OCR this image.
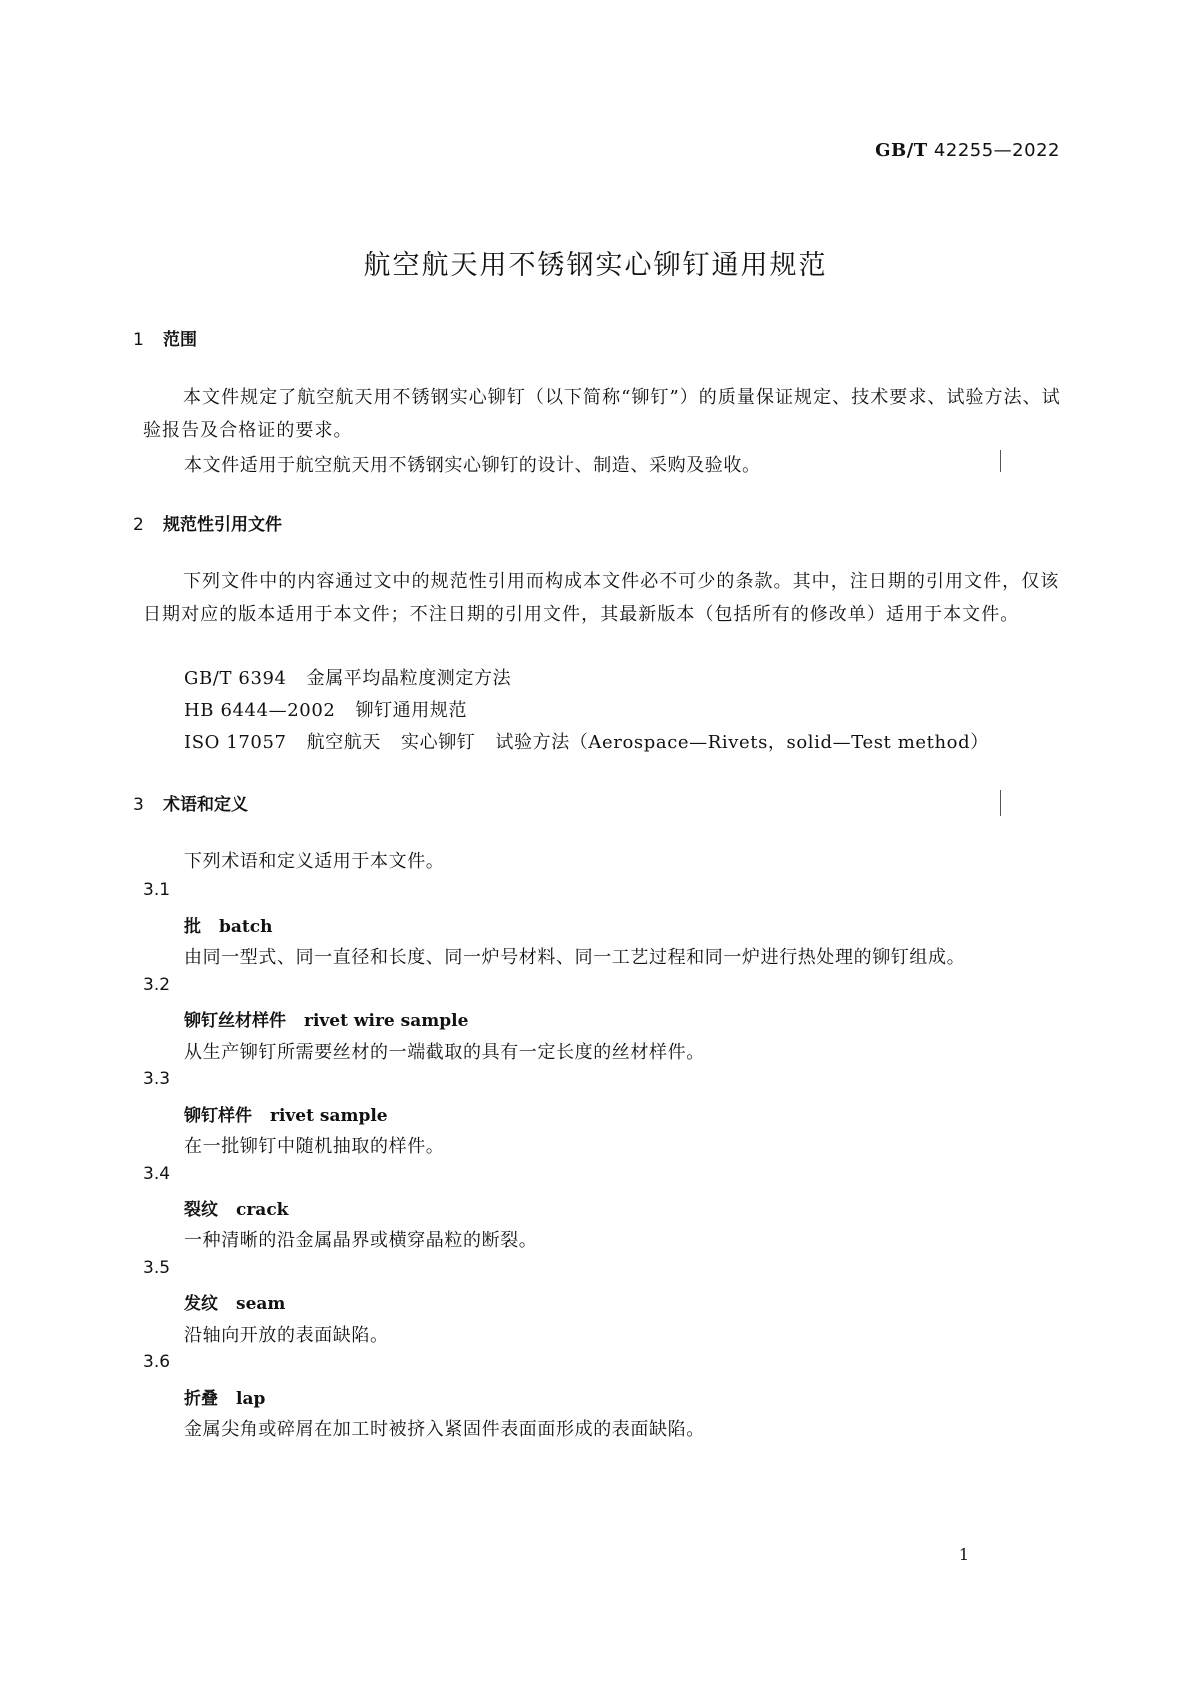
GB/T 42255—2022
航空航天用不锈钢实心铆钉通用规范
1 范围
本文件规定了航空航天用不锈钢实心铆钉（以下简称“铆钉”）的质量保证规定、技术要求、试验方法、试验报告及合格证的要求。
本文件适用于航空航天用不锈钢实心铆钉的设计、制造、采购及验收。
2 规范性引用文件
下列文件中的内容通过文中的规范性引用而构成本文件必不可少的条款。其中，注日期的引用文件，仅该日期对应的版本适用于本文件；不注日期的引用文件，其最新版本（包括所有的修改单）适用于本文件。
GB/T 6394 金属平均晶粒度测定方法
HB 6444—2002 铆钉通用规范
ISO 17057 航空航天 实心铆钉 试验方法（Aerospace—Rivets，solid—Test method）
3 术语和定义
下列术语和定义适用于本文件。
3.1
批 batch
由同一型式、同一直径和长度、同一炉号材料、同一工艺过程和同一炉进行热处理的铆钉组成。
3.2
铆钉丝材样件 rivet wire sample
从生产铆钉所需要丝材的一端截取的具有一定长度的丝材样件。
3.3
铆钉样件 rivet sample
在一批铆钉中随机抽取的样件。
3.4
裂纹 crack
一种清晰的沿金属晶界或横穿晶粒的断裂。
3.5
发纹 seam
沿轴向开放的表面缺陷。
3.6
折叠 lap
金属尖角或碎屑在加工时被挤入紧固件表面面形成的表面缺陷。
1
